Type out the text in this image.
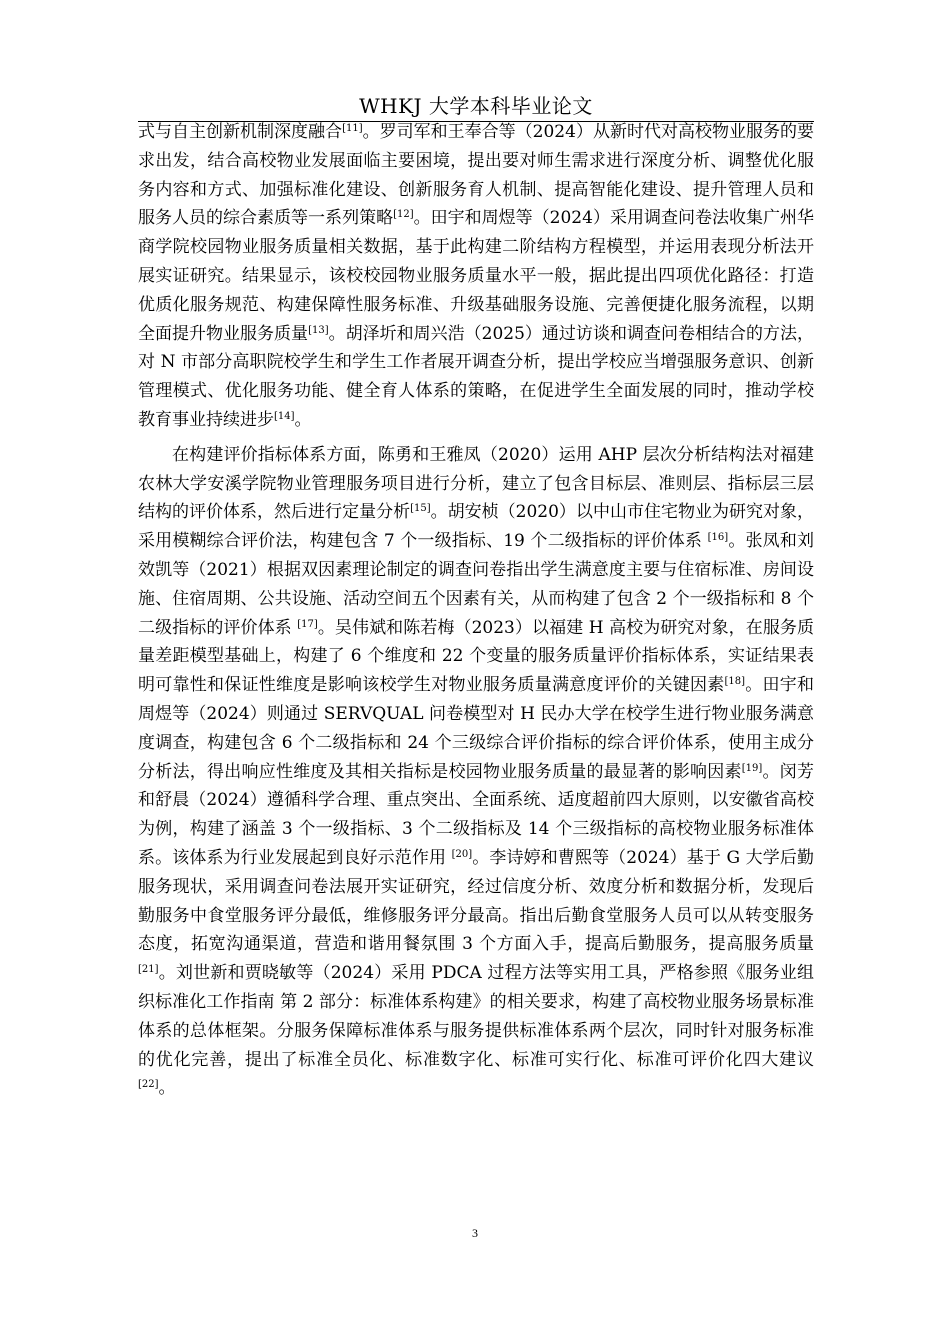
WHKJ 大学本科毕业论文

式与自主创新机制深度融合[11]。罗司军和王奉合等（2024）从新时代对高校物业服务的要求出发，结合高校物业发展面临主要困境，提出要对师生需求进行深度分析、调整优化服务内容和方式、加强标准化建设、创新服务育人机制、提高智能化建设、提升管理人员和服务人员的综合素质等一系列策略[12]。田宇和周煜等（2024）采用调查问卷法收集广州华商学院校园物业服务质量相关数据，基于此构建二阶结构方程模型，并运用表现分析法开展实证研究。结果显示，该校校园物业服务质量水平一般，据此提出四项优化路径：打造优质化服务规范、构建保障性服务标准、升级基础服务设施、完善便捷化服务流程，以期全面提升物业服务质量[13]。胡泽圻和周兴浩（2025）通过访谈和调查问卷相结合的方法，对 N 市部分高职院校学生和学生工作者展开调查分析，提出学校应当增强服务意识、创新管理模式、优化服务功能、健全育人体系的策略，在促进学生全面发展的同时，推动学校教育事业持续进步[14]。

在构建评价指标体系方面，陈勇和王雅凤（2020）运用 AHP 层次分析结构法对福建农林大学安溪学院物业管理服务项目进行分析，建立了包含目标层、准则层、指标层三层结构的评价体系，然后进行定量分析[15]。胡安桢（2020）以中山市住宅物业为研究对象，采用模糊综合评价法，构建包含 7 个一级指标、19 个二级指标的评价体系 [16]。张凤和刘效凯等（2021）根据双因素理论制定的调查问卷指出学生满意度主要与住宿标准、房间设施、住宿周期、公共设施、活动空间五个因素有关，从而构建了包含 2 个一级指标和 8 个二级指标的评价体系 [17]。吴伟斌和陈若梅（2023）以福建 H 高校为研究对象，在服务质量差距模型基础上，构建了 6 个维度和 22 个变量的服务质量评价指标体系，实证结果表明可靠性和保证性维度是影响该校学生对物业服务质量满意度评价的关键因素[18]。田宇和周煜等（2024）则通过 SERVQUAL 问卷模型对 H 民办大学在校学生进行物业服务满意度调查，构建包含 6 个二级指标和 24 个三级综合评价指标的综合评价体系，使用主成分分析法，得出响应性维度及其相关指标是校园物业服务质量的最显著的影响因素[19]。闵芳和舒晨（2024）遵循科学合理、重点突出、全面系统、适度超前四大原则，以安徽省高校为例，构建了涵盖 3 个一级指标、3 个二级指标及 14 个三级指标的高校物业服务标准体系。该体系为行业发展起到良好示范作用 [20]。李诗婷和曹熙等（2024）基于 G 大学后勤服务现状，采用调查问卷法展开实证研究，经过信度分析、效度分析和数据分析，发现后勤服务中食堂服务评分最低，维修服务评分最高。指出后勤食堂服务人员可以从转变服务态度，拓宽沟通渠道，营造和谐用餐氛围 3 个方面入手，提高后勤服务，提高服务质量[21]。刘世新和贾晓敏等（2024）采用 PDCA 过程方法等实用工具，严格参照《服务业组织标准化工作指南 第 2 部分：标准体系构建》的相关要求，构建了高校物业服务场景标准体系的总体框架。分服务保障标准体系与服务提供标准体系两个层次，同时针对服务标准的优化完善，提出了标准全员化、标准数字化、标准可实行化、标准可评价化四大建议[22]。

3
